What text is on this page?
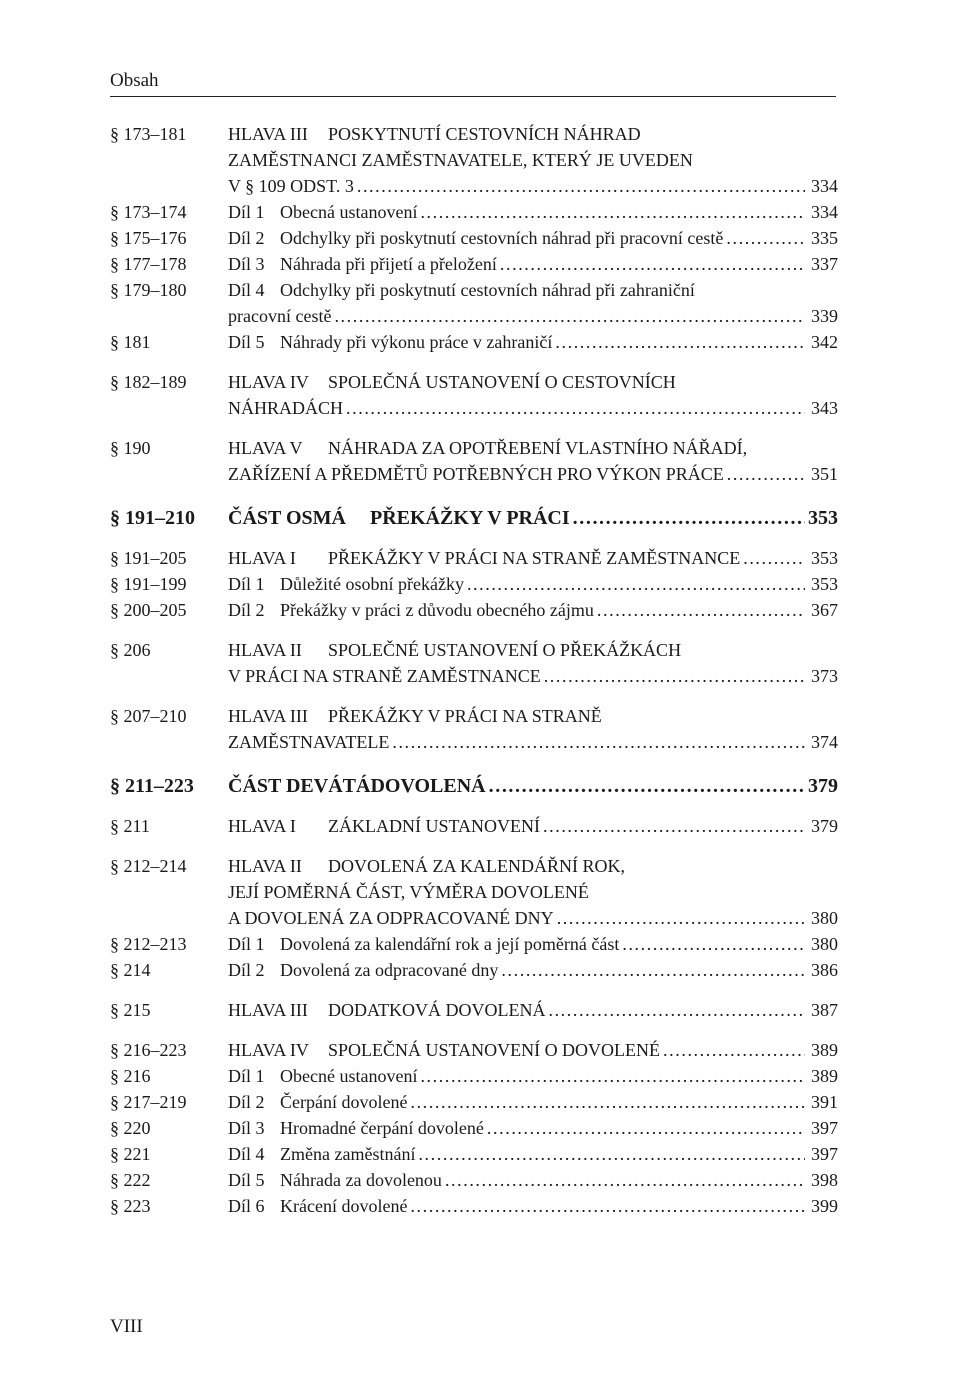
Obsah
§ 173–181	HLAVA III POSKYTNUTÍ CESTOVNÍCH NÁHRAD
ZAMĚSTNANCI ZAMĚSTNAVATELE, KTERÝ JE UVEDEN
V § 109 ODST. 3 .....	334
§ 173–174	Díl 1 Obecná ustanovení .....	334
§ 175–176	Díl 2 Odchylky při poskytnutí cestovních náhrad při pracovní cestě .....	335
§ 177–178	Díl 3 Náhrada při přijetí a přeložení .....	337
§ 179–180	Díl 4 Odchylky při poskytnutí cestovních náhrad při zahraniční
pracovní cestě .....	339
§ 181	Díl 5 Náhrady při výkonu práce v zahraničí .....	342
§ 182–189	HLAVA IV SPOLEČNÁ USTANOVENÍ O CESTOVNÍCH
NÁHRADÁCH .....	343
§ 190	HLAVA V NÁHRADA ZA OPOTŘEBENÍ VLASTNÍHO NÁŘADÍ,
ZAŘÍZENÍ A PŘEDMĚTŮ POTŘEBNÝCH PRO VÝKON PRÁCE .....	351
§ 191–210	ČÁST OSMÁ PŘEKÁŽKY V PRÁCI .....	353
§ 191–205	HLAVA I PŘEKÁŽKY V PRÁCI NA STRANĚ ZAMĚSTNANCE .....	353
§ 191–199	Díl 1 Důležité osobní překážky .....	353
§ 200–205	Díl 2 Překážky v práci z důvodu obecného zájmu .....	367
§ 206	HLAVA II SPOLEČNÉ USTANOVENÍ O PŘEKÁŽKÁCH
V PRÁCI NA STRANĚ ZAMĚSTNANCE .....	373
§ 207–210	HLAVA III PŘEKÁŽKY V PRÁCI NA STRANĚ
ZAMĚSTNAVATELE .....	374
§ 211–223	ČÁST DEVÁTÁDOVOLENÁ .....	379
§ 211	HLAVA I ZÁKLADNÍ USTANOVENÍ .....	379
§ 212–214	HLAVA II DOVOLENÁ ZA KALENDÁŘNÍ ROK,
JEJÍ POMĚRNÁ ČÁST, VÝMĚRA DOVOLENÉ
A DOVOLENÁ ZA ODPRACOVANÉ DNY .....	380
§ 212–213	Díl 1 Dovolená za kalendářní rok a její poměrná část .....	380
§ 214	Díl 2 Dovolená za odpracované dny .....	386
§ 215	HLAVA III DODATKOVÁ DOVOLENÁ .....	387
§ 216–223	HLAVA IV SPOLEČNÁ USTANOVENÍ O DOVOLENÉ .....	389
§ 216	Díl 1 Obecné ustanovení .....	389
§ 217–219	Díl 2 Čerpání dovolené .....	391
§ 220	Díl 3 Hromadné čerpání dovolené .....	397
§ 221	Díl 4 Změna zaměstnání .....	397
§ 222	Díl 5 Náhrada za dovolenou .....	398
§ 223	Díl 6 Krácení dovolené .....	399
VIII
